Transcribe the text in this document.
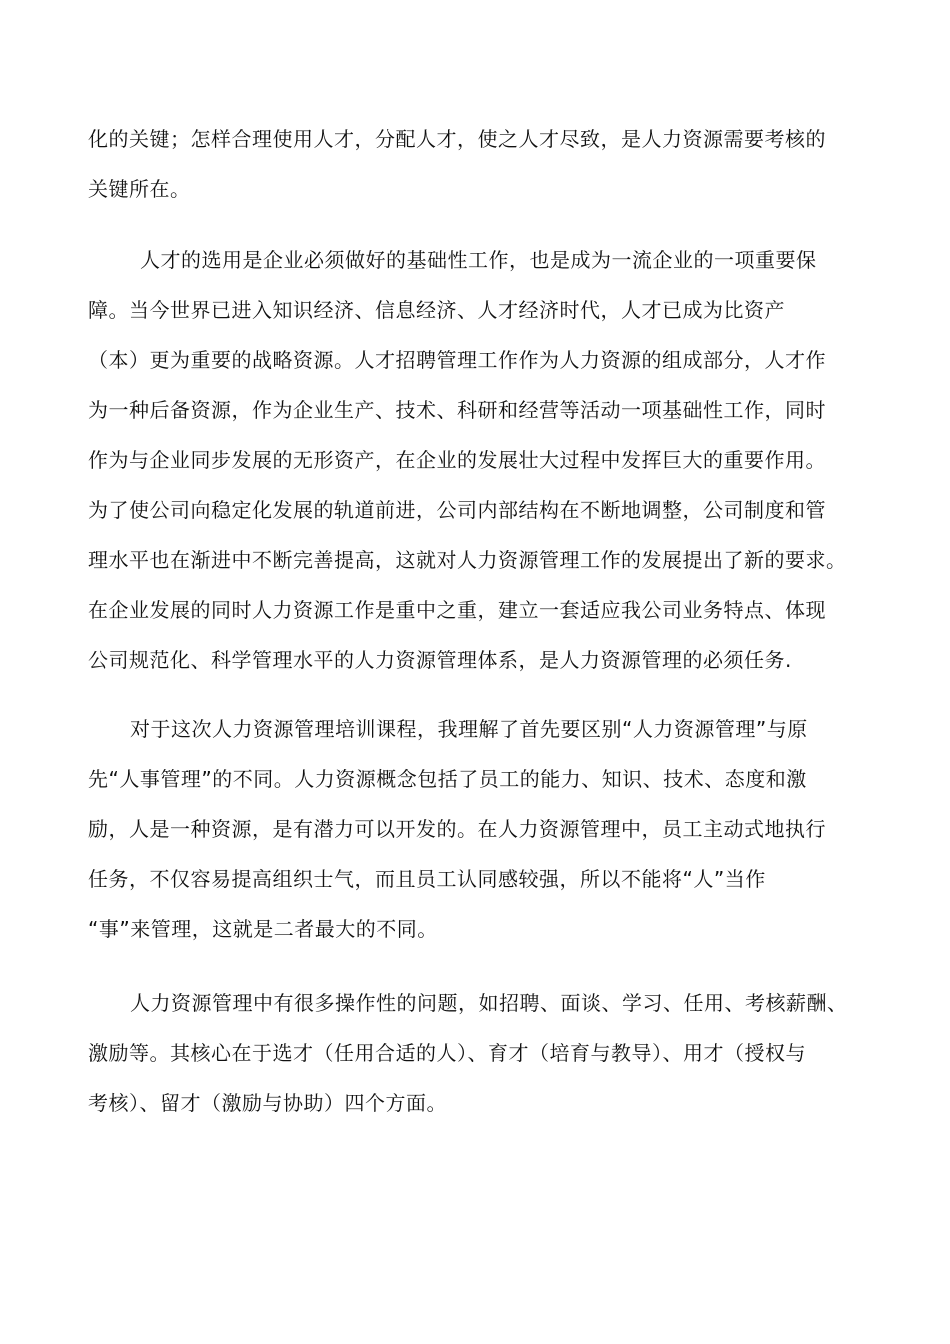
化的关键；怎样合理使用人才，分配人才，使之人才尽致，是人力资源需要考核的
关键所在。
人才的选用是企业必须做好的基础性工作，也是成为一流企业的一项重要保
障。当今世界已进入知识经济、信息经济、人才经济时代，人才已成为比资产
（本）更为重要的战略资源。人才招聘管理工作作为人力资源的组成部分，人才作
为一种后备资源，作为企业生产、技术、科研和经营等活动一项基础性工作，同时
作为与企业同步发展的无形资产，在企业的发展壮大过程中发挥巨大的重要作用。
为了使公司向稳定化发展的轨道前进，公司内部结构在不断地调整，公司制度和管
理水平也在渐进中不断完善提高，这就对人力资源管理工作的发展提出了新的要求。
在企业发展的同时人力资源工作是重中之重，建立一套适应我公司业务特点、体现
公司规范化、科学管理水平的人力资源管理体系，是人力资源管理的必须任务.
对于这次人力资源管理培训课程，我理解了首先要区别“人力资源管理”与原
先“人事管理”的不同。人力资源概念包括了员工的能力、知识、技术、态度和激
励，人是一种资源，是有潜力可以开发的。在人力资源管理中，员工主动式地执行
任务，不仅容易提高组织士气，而且员工认同感较强，所以不能将“人”当作
“事”来管理，这就是二者最大的不同。
人力资源管理中有很多操作性的问题，如招聘、面谈、学习、任用、考核薪酬、
激励等。其核心在于选才（任用合适的人）、育才（培育与教导）、用才（授权与
考核）、留才（激励与协助）四个方面。
